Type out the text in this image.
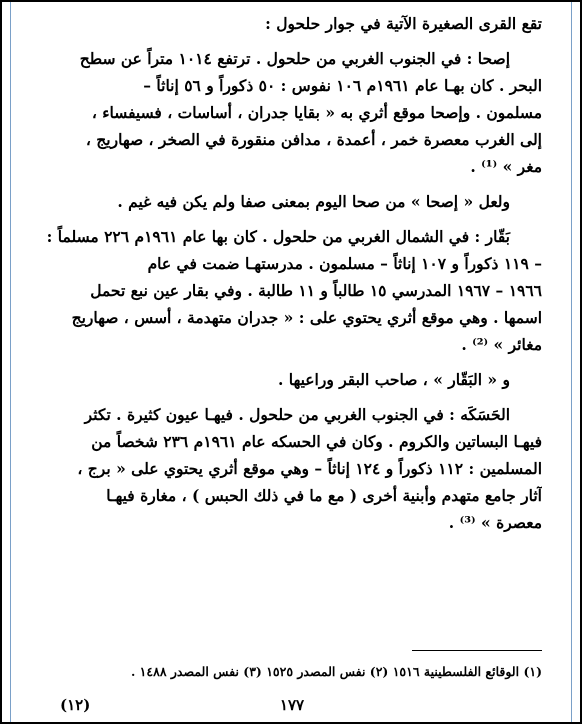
تقع القرى الصغيرة الآتية في جوار حلحول :
إصحا : في الجنوب الغربي من حلحول . ترتفع ١٠١٤ متراً عن سطح
البحر . كان بهـا عام ١٩٦١م ١٠٦ نفوس : ٥٠ ذكوراً و ٥٦ إناثاً –
مسلمون . وإصحا موقع أثري به « بقايا جدران ، أساسات ، فسيفساء ،
إلى الغرب معصرة خمر ، أعمدة ، مدافن منقورة في الصخر ، صهاريج ،
مغر » ⁽¹⁾ .
ولعل « إصحا » من صحا اليوم بمعنى صفا ولم يكن فيه غيم .
بَقّار : في الشمال الغربي من حلحول . كان بها عام ١٩٦١م ٢٢٦ مسلماً :
– ١١٩ ذكوراً و ١٠٧ إناثاً – مسلمون . مدرستهـا ضمت في عام
١٩٦٦ – ١٩٦٧ المدرسي ١٥ طالباً و ١١ طالبة . وفي بقار عين نبع تحمل
اسمها . وهي موقع أثري يحتوي على : « جدران متهدمة ، أسس ، صهاريج
مغائر » ⁽²⁾ .
و « البَقّار » ، صاحب البقر وراعيها .
الحَسَكَه : في الجنوب الغربي من حلحول . فيهـا عيون كثيرة . تكثر
فيهـا البساتين والكروم . وكان في الحسكه عام ١٩٦١م ٢٣٦ شخصاً من
المسلمين : ١١٢ ذكوراً و ١٢٤ إناثاً – وهي موقع أثري يحتوي على « برج ،
آثار جامع متهدم وأبنية أخرى ( مع ما في ذلك الحبس ) ، مغارة فيهـا
معصرة » ⁽³⁾ .
(١) الوقائع الفلسطينية ١٥١٦ (٢) نفس المصدر ١٥٢٥ (٣) نفس المصدر ١٤٨٨ .
١٧٧
(١٢)
